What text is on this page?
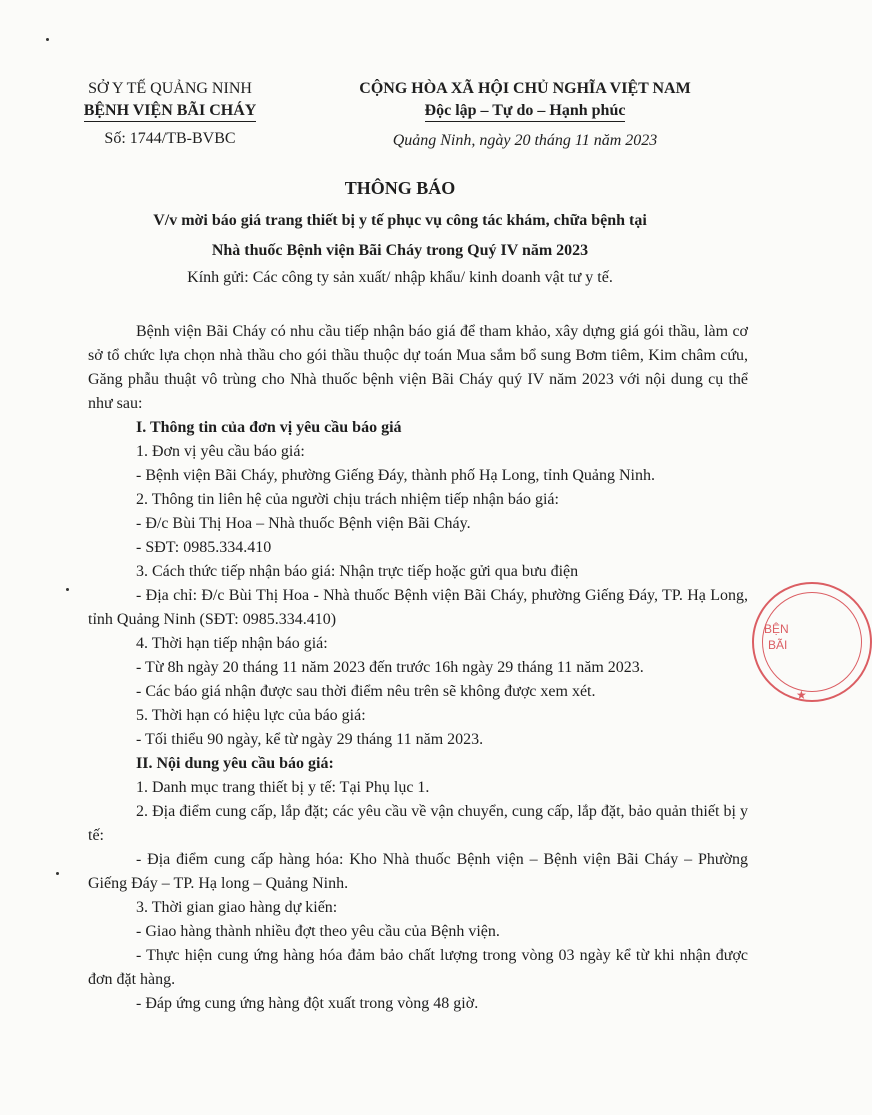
SỞ Y TẾ QUẢNG NINH
BỆNH VIỆN BÃI CHÁY
Số: 1744/TB-BVBC
CỘNG HÒA XÃ HỘI CHỦ NGHĨA VIỆT NAM
Độc lập – Tự do – Hạnh phúc
Quảng Ninh, ngày 20 tháng 11 năm 2023
THÔNG BÁO
V/v mời báo giá trang thiết bị y tế phục vụ công tác khám, chữa bệnh tại
Nhà thuốc Bệnh viện Bãi Cháy trong Quý IV năm 2023
Kính gửi: Các công ty sản xuất/ nhập khẩu/ kinh doanh vật tư y tế.

Bệnh viện Bãi Cháy có nhu cầu tiếp nhận báo giá để tham khảo, xây dựng giá gói thầu, làm cơ sở tổ chức lựa chọn nhà thầu cho gói thầu thuộc dự toán Mua sắm bổ sung Bơm tiêm, Kim châm cứu, Găng phẫu thuật vô trùng cho Nhà thuốc bệnh viện Bãi Cháy quý IV năm 2023 với nội dung cụ thể như sau:

I. Thông tin của đơn vị yêu cầu báo giá

1. Đơn vị yêu cầu báo giá:

- Bệnh viện Bãi Cháy, phường Giếng Đáy, thành phố Hạ Long, tỉnh Quảng Ninh.

2. Thông tin liên hệ của người chịu trách nhiệm tiếp nhận báo giá:

- Đ/c Bùi Thị Hoa – Nhà thuốc Bệnh viện Bãi Cháy.

- SĐT: 0985.334.410

3. Cách thức tiếp nhận báo giá: Nhận trực tiếp hoặc gửi qua bưu điện

- Địa chỉ: Đ/c Bùi Thị Hoa - Nhà thuốc Bệnh viện Bãi Cháy, phường Giếng Đáy, TP. Hạ Long, tỉnh Quảng Ninh (SĐT: 0985.334.410)

4. Thời hạn tiếp nhận báo giá:

- Từ 8h ngày 20 tháng 11 năm 2023 đến trước 16h ngày 29 tháng 11 năm 2023.

- Các báo giá nhận được sau thời điểm nêu trên sẽ không được xem xét.

5. Thời hạn có hiệu lực của báo giá:

- Tối thiểu 90 ngày, kể từ ngày 29 tháng 11 năm 2023.

II. Nội dung yêu cầu báo giá:

1. Danh mục trang thiết bị y tế: Tại Phụ lục 1.

2. Địa điểm cung cấp, lắp đặt; các yêu cầu về vận chuyển, cung cấp, lắp đặt, bảo quản thiết bị y tế:

- Địa điểm cung cấp hàng hóa: Kho Nhà thuốc Bệnh viện – Bệnh viện Bãi Cháy – Phường Giếng Đáy – TP. Hạ long – Quảng Ninh.

3. Thời gian giao hàng dự kiến:

- Giao hàng thành nhiều đợt theo yêu cầu của Bệnh viện.

- Thực hiện cung ứng hàng hóa đảm bảo chất lượng trong vòng 03 ngày kể từ khi nhận được đơn đặt hàng.

- Đáp ứng cung ứng hàng đột xuất trong vòng 48 giờ.

BỆN
BÃI
★
